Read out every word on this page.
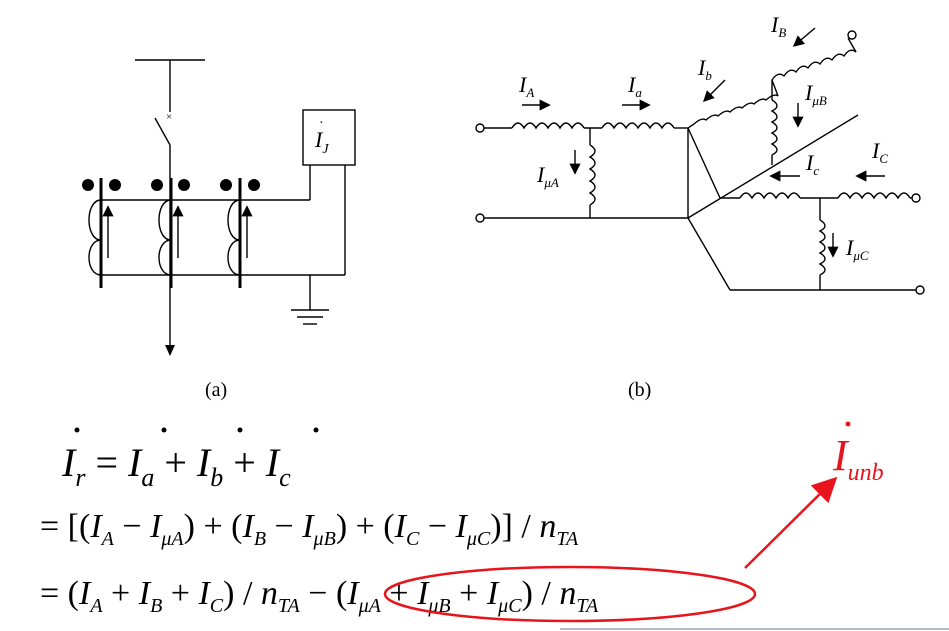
×
$I_J$
·
(a)
$I_A$	$I_a$
$I_b$
$I_B$
$I_{\mu A}$
$I_{\mu B}$
$I_c$
$I_C$
$I_{\mu C}$
(b)
$I_r = I_a + I_b + I_c$
= $[(I_A - I_{\mu A}) + (I_B - I_{\mu B}) + (I_C - I_{\mu C})] / n_{TA}$
= $(I_A + I_B + I_C) / n_{TA} - (I_{\mu A} + I_{\mu B} + I_{\mu C}) / n_{TA}$
$I_{unb}$
